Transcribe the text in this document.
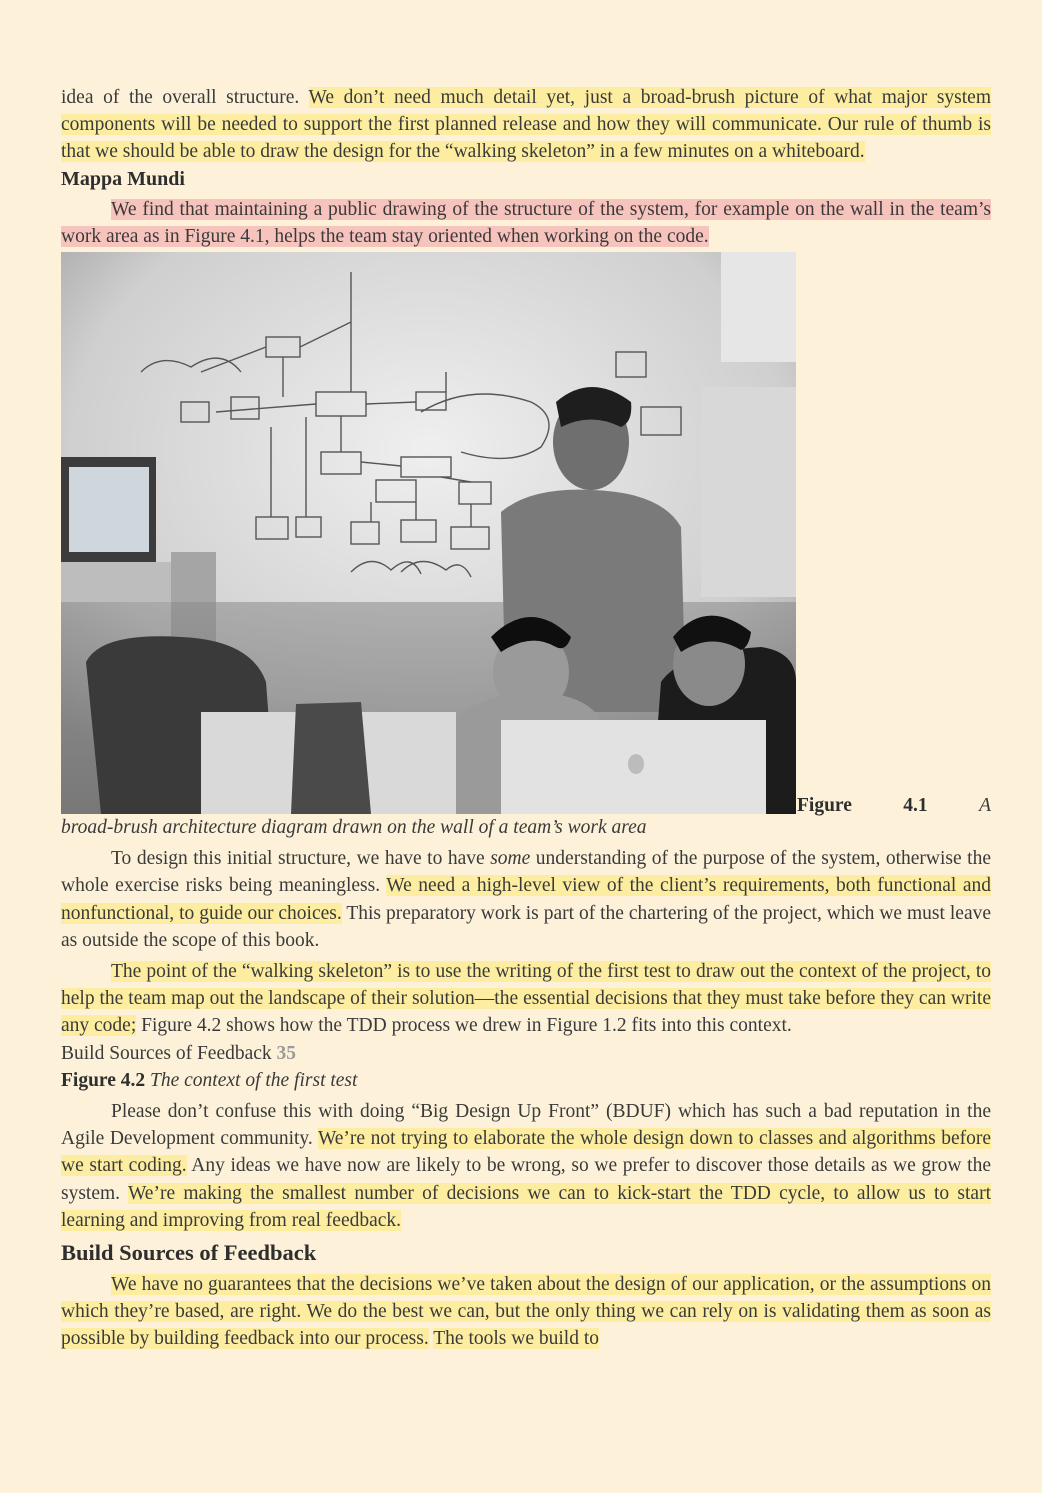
idea of the overall structure. We don’t need much detail yet, just a broad-brush picture of what major system components will be needed to support the first planned release and how they will communicate. Our rule of thumb is that we should be able to draw the design for the “walking skeleton” in a few minutes on a whiteboard.

Mappa Mundi

We find that maintaining a public drawing of the structure of the system, for example on the wall in the team’s work area as in Figure 4.1, helps the team stay oriented when working on the code.

Figure	4.1	A

broad-brush architecture diagram drawn on the wall of a team’s work area

To design this initial structure, we have to have some understanding of the purpose of the system, otherwise the whole exercise risks being meaningless. We need a high-level view of the client’s requirements, both functional and nonfunctional, to guide our choices. This preparatory work is part of the chartering of the project, which we must leave as outside the scope of this book.

The point of the “walking skeleton” is to use the writing of the first test to draw out the context of the project, to help the team map out the landscape of their solution—the essential decisions that they must take before they can write any code; Figure 4.2 shows how the TDD process we drew in Figure 1.2 fits into this context.

Build Sources of Feedback 35

Figure 4.2 The context of the first test

Please don’t confuse this with doing “Big Design Up Front” (BDUF) which has such a bad reputation in the Agile Development community. We’re not trying to elaborate the whole design down to classes and algorithms before we start coding. Any ideas we have now are likely to be wrong, so we prefer to discover those details as we grow the system. We’re making the smallest number of decisions we can to kick-start the TDD cycle, to allow us to start learning and improving from real feedback.

Build Sources of Feedback

We have no guarantees that the decisions we’ve taken about the design of our application, or the assumptions on which they’re based, are right. We do the best we can, but the only thing we can rely on is validating them as soon as possible by building feedback into our process. The tools we build to
